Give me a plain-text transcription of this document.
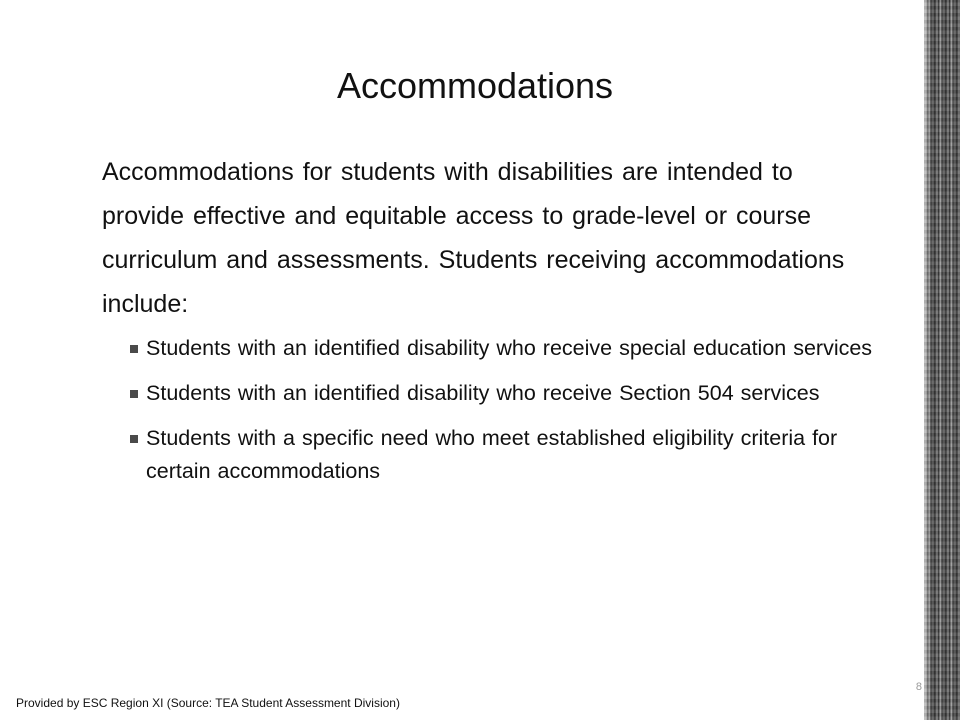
Accommodations

Accommodations for students with disabilities are intended to provide effective and equitable access to grade-level or course curriculum and assessments. Students receiving accommodations include:

Students with an identified disability who receive special education services
Students with an identified disability who receive Section 504 services
Students with a specific need who meet established eligibility criteria for certain accommodations
Provided by ESC Region XI (Source: TEA Student Assessment Division)
8
